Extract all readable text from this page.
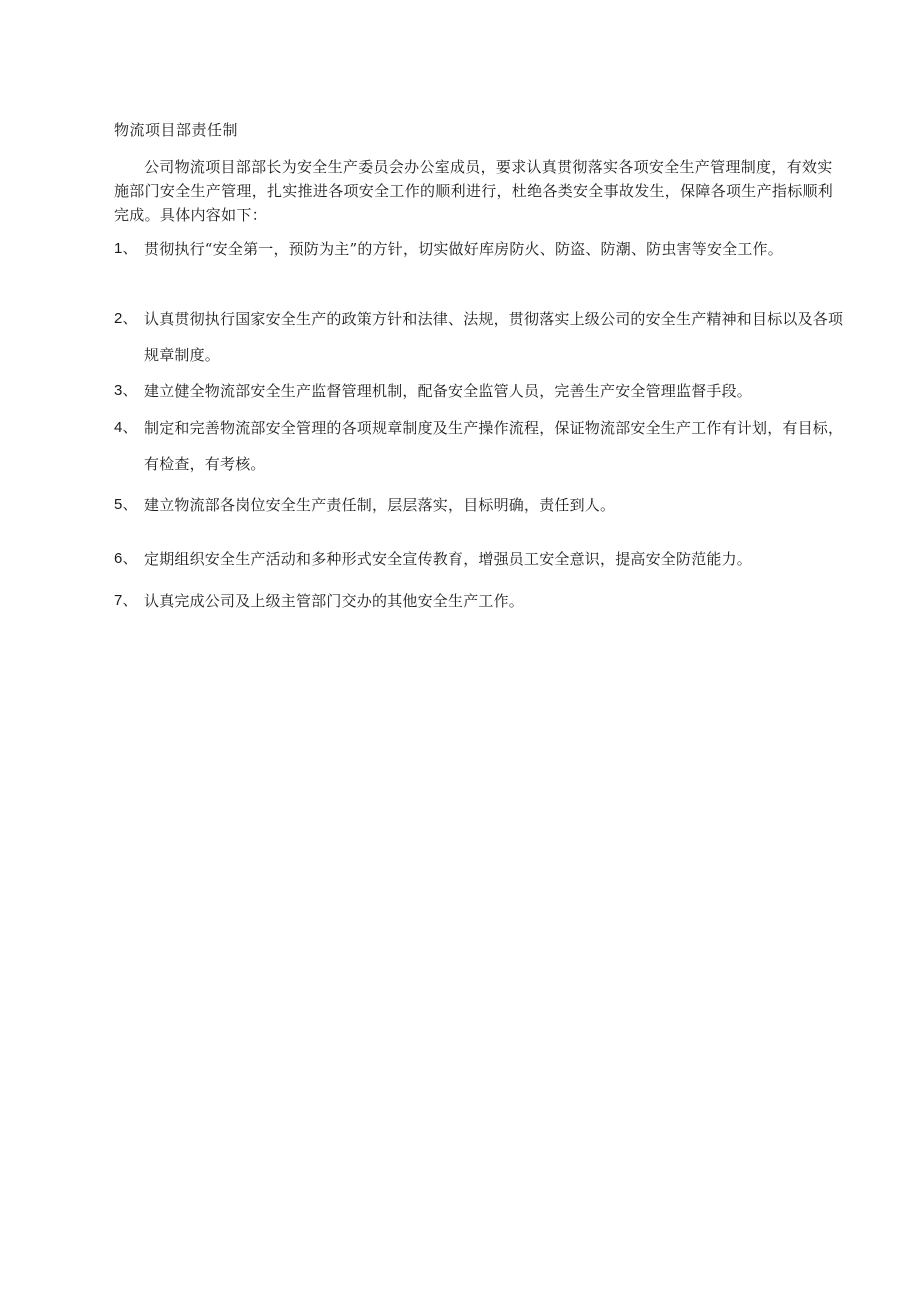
物流项目部责任制
公司物流项目部部长为安全生产委员会办公室成员，要求认真贯彻落实各项安全生产管理制度，有效实施部门安全生产管理，扎实推进各项安全工作的顺利进行，杜绝各类安全事故发生，保障各项生产指标顺利完成。具体内容如下：
1、 贯彻执行“安全第一，预防为主”的方针，切实做好库房防火、防盗、防潮、防虫害等安全工作。
2、 认真贯彻执行国家安全生产的政策方针和法律、法规，贯彻落实上级公司的安全生产精神和目标以及各项规章制度。
3、 建立健全物流部安全生产监督管理机制，配备安全监管人员，完善生产安全管理监督手段。
4、 制定和完善物流部安全管理的各项规章制度及生产操作流程，保证物流部安全生产工作有计划，有目标，有检查，有考核。
5、 建立物流部各岗位安全生产责任制，层层落实，目标明确，责任到人。
6、 定期组织安全生产活动和多种形式安全宣传教育，增强员工安全意识，提高安全防范能力。
7、 认真完成公司及上级主管部门交办的其他安全生产工作。
